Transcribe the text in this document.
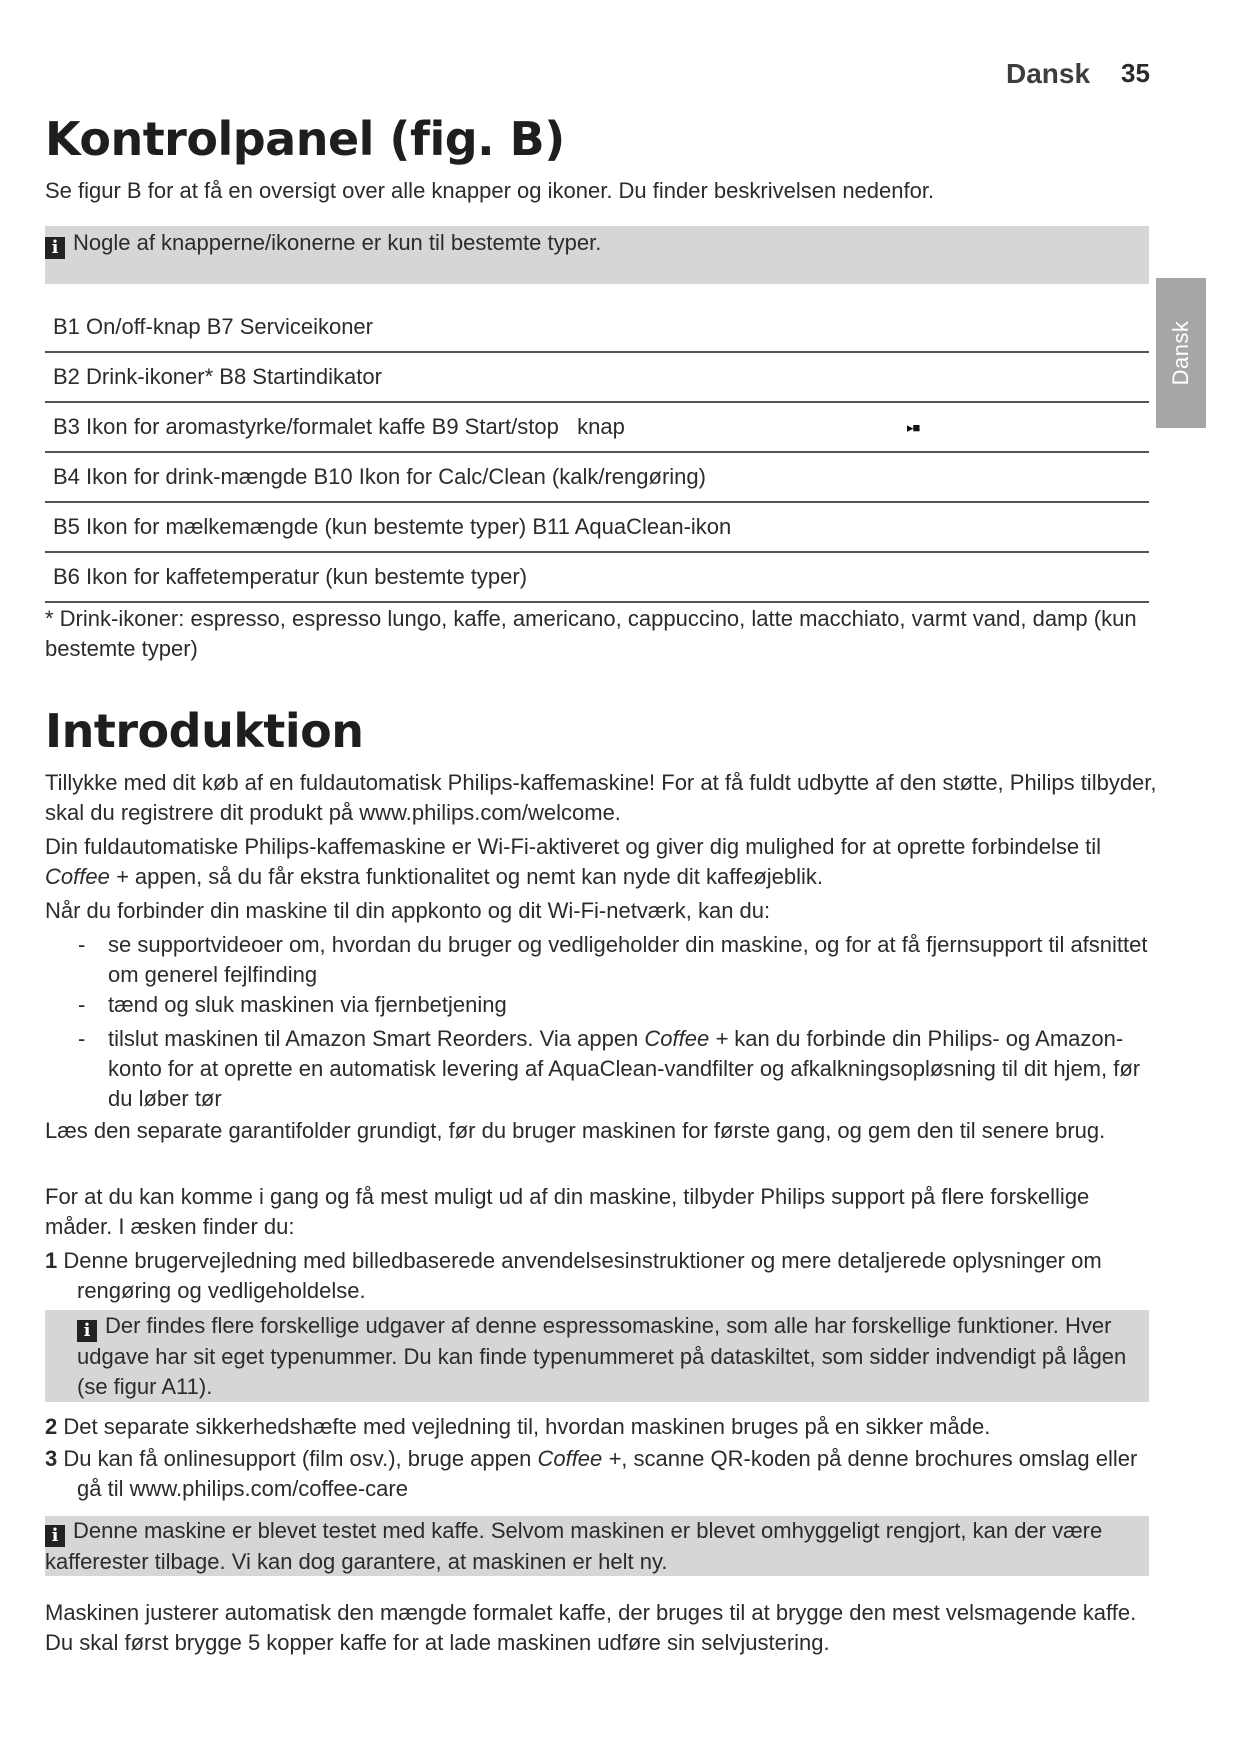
Dansk 35
Dansk
Kontrolpanel (fig. B)
Se figur B for at få en oversigt over alle knapper og ikoner. Du finder beskrivelsen nedenfor.
i Nogle af knapperne/ikonerne er kun til bestemte typer.
B1 On/off-knap B7 Serviceikoner
B2 Drink-ikoner* B8 Startindikator
B3 Ikon for aromastyrke/formalet kaffe B9 Start/stop   knap	▸■
B4 Ikon for drink-mængde B10 Ikon for Calc/Clean (kalk/rengøring)
B5 Ikon for mælkemængde (kun bestemte typer) B11 AquaClean-ikon
B6 Ikon for kaffetemperatur (kun bestemte typer)
* Drink-ikoner: espresso, espresso lungo, kaffe, americano, cappuccino, latte macchiato, varmt vand, damp (kun bestemte typer)
Introduktion
Tillykke med dit køb af en fuldautomatisk Philips-kaffemaskine! For at få fuldt udbytte af den støtte, Philips tilbyder, skal du registrere dit produkt på www.philips.com/welcome.
Din fuldautomatiske Philips-kaffemaskine er Wi-Fi-aktiveret og giver dig mulighed for at oprette forbindelse til Coffee + appen, så du får ekstra funktionalitet og nemt kan nyde dit kaffeøjeblik.
Når du forbinder din maskine til din appkonto og dit Wi-Fi-netværk, kan du:
- se supportvideoer om, hvordan du bruger og vedligeholder din maskine, og for at få fjernsupport til afsnittet om generel fejlfinding
- tænd og sluk maskinen via fjernbetjening
- tilslut maskinen til Amazon Smart Reorders. Via appen Coffee + kan du forbinde din Philips- og Amazon-konto for at oprette en automatisk levering af AquaClean-vandfilter og afkalkningsopløsning til dit hjem, før du løber tør
Læs den separate garantifolder grundigt, før du bruger maskinen for første gang, og gem den til senere brug.
For at du kan komme i gang og få mest muligt ud af din maskine, tilbyder Philips support på flere forskellige måder. I æsken finder du:
1 Denne brugervejledning med billedbaserede anvendelsesinstruktioner og mere detaljerede oplysninger om rengøring og vedligeholdelse.
i Der findes flere forskellige udgaver af denne espressomaskine, som alle har forskellige funktioner. Hver udgave har sit eget typenummer. Du kan finde typenummeret på dataskiltet, som sidder indvendigt på lågen (se figur A11).
2 Det separate sikkerhedshæfte med vejledning til, hvordan maskinen bruges på en sikker måde.
3 Du kan få onlinesupport (film osv.), bruge appen Coffee +, scanne QR-koden på denne brochures omslag eller gå til www.philips.com/coffee-care
i Denne maskine er blevet testet med kaffe. Selvom maskinen er blevet omhyggeligt rengjort, kan der være kafferester tilbage. Vi kan dog garantere, at maskinen er helt ny.
Maskinen justerer automatisk den mængde formalet kaffe, der bruges til at brygge den mest velsmagende kaffe. Du skal først brygge 5 kopper kaffe for at lade maskinen udføre sin selvjustering.
